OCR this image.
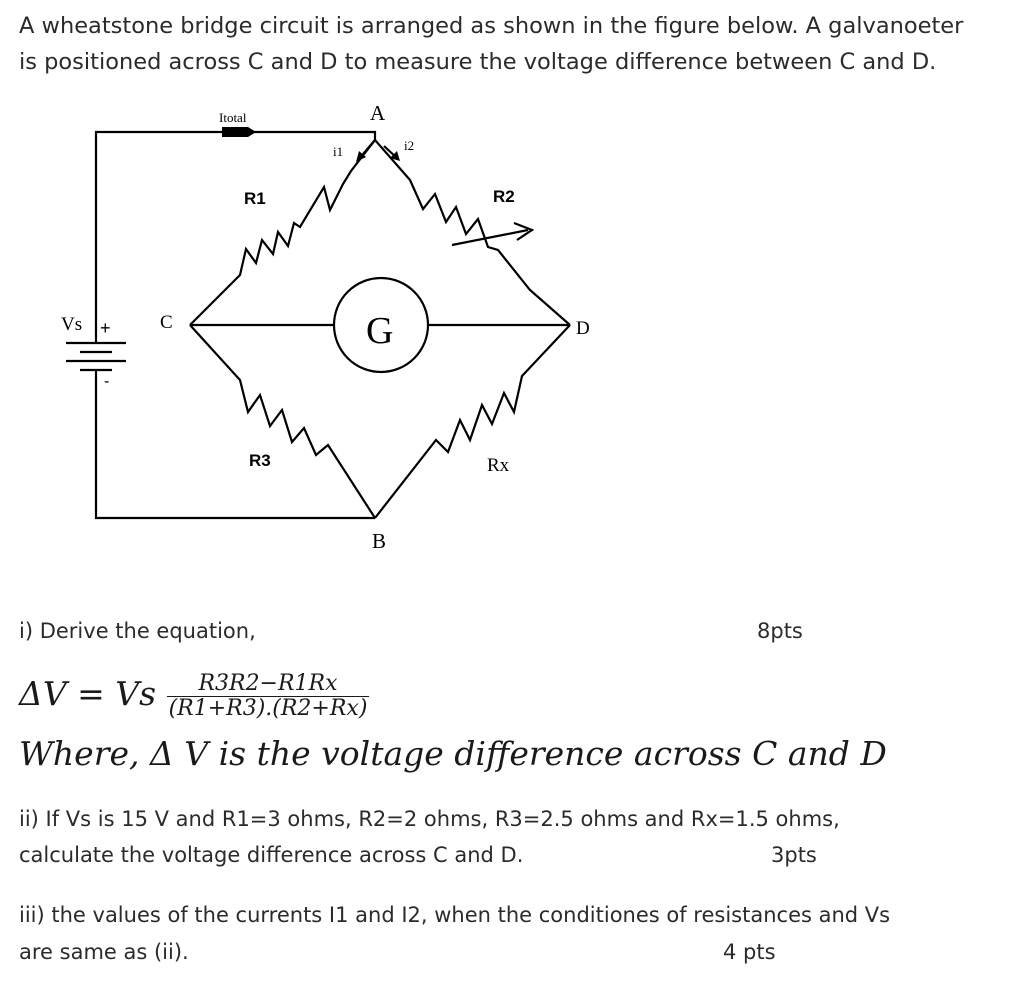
A wheatstone bridge circuit is arranged as shown in the figure below. A galvanoeter
is positioned across C and D to measure the voltage difference between C and D.
Itotal	A
i1	i2
R1	R2
R3	Rx
C	D
B
G
Vs +
-
i) Derive the equation,	8pts
ΔV = Vs $\frac{R3R2-R1Rx}{(R1+R3).(R2+Rx)}$
Where, Δ V is the voltage difference across C and D
ii) If Vs is 15 V and R1=3 ohms, R2=2 ohms, R3=2.5 ohms and Rx=1.5 ohms,
calculate the voltage difference across C and D.	3pts
iii) the values of the currents I1 and I2, when the conditiones of resistances and Vs
are same as (ii).	4 pts
